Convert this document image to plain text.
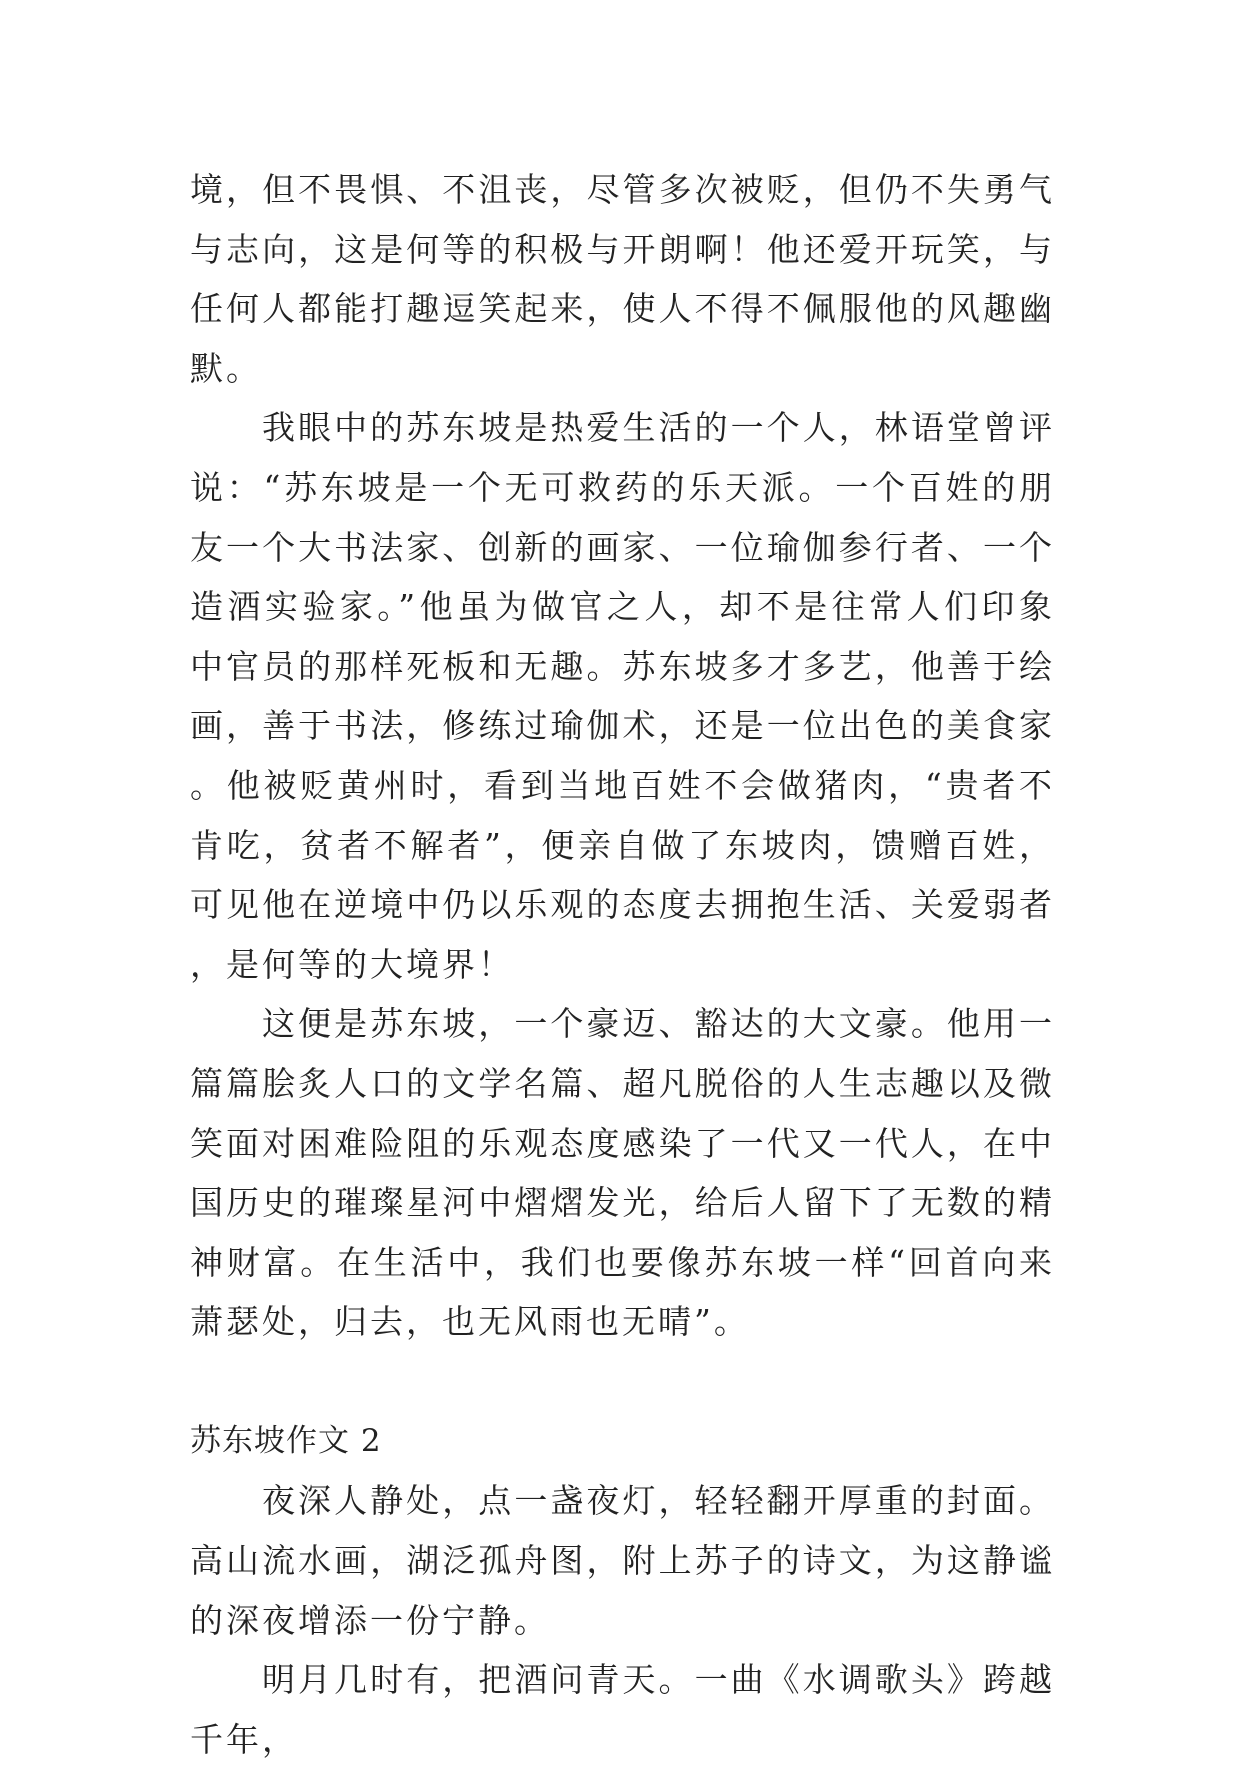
境，但不畏惧、不沮丧，尽管多次被贬，但仍不失勇气与志向，这是何等的积极与开朗啊！他还爱开玩笑，与任何人都能打趣逗笑起来，使人不得不佩服他的风趣幽默。

我眼中的苏东坡是热爱生活的一个人，林语堂曾评说：“苏东坡是一个无可救药的乐天派。一个百姓的朋友一个大书法家、创新的画家、一位瑜伽参行者、一个造酒实验家。”他虽为做官之人，却不是往常人们印象中官员的那样死板和无趣。苏东坡多才多艺，他善于绘画，善于书法，修练过瑜伽术，还是一位出色的美食家。他被贬黄州时，看到当地百姓不会做猪肉，“贵者不肯吃，贫者不解者”，便亲自做了东坡肉，馈赠百姓，可见他在逆境中仍以乐观的态度去拥抱生活、关爱弱者，是何等的大境界！

这便是苏东坡，一个豪迈、豁达的大文豪。他用一篇篇脍炙人口的文学名篇、超凡脱俗的人生志趣以及微笑面对困难险阻的乐观态度感染了一代又一代人，在中国历史的璀璨星河中熠熠发光，给后人留下了无数的精神财富。在生活中，我们也要像苏东坡一样“回首向来萧瑟处，归去，也无风雨也无晴”。

苏东坡作文 2

夜深人静处，点一盏夜灯，轻轻翻开厚重的封面。高山流水画，湖泛孤舟图，附上苏子的诗文，为这静谧的深夜增添一份宁静。

明月几时有，把酒问青天。一曲《水调歌头》跨越千年，
